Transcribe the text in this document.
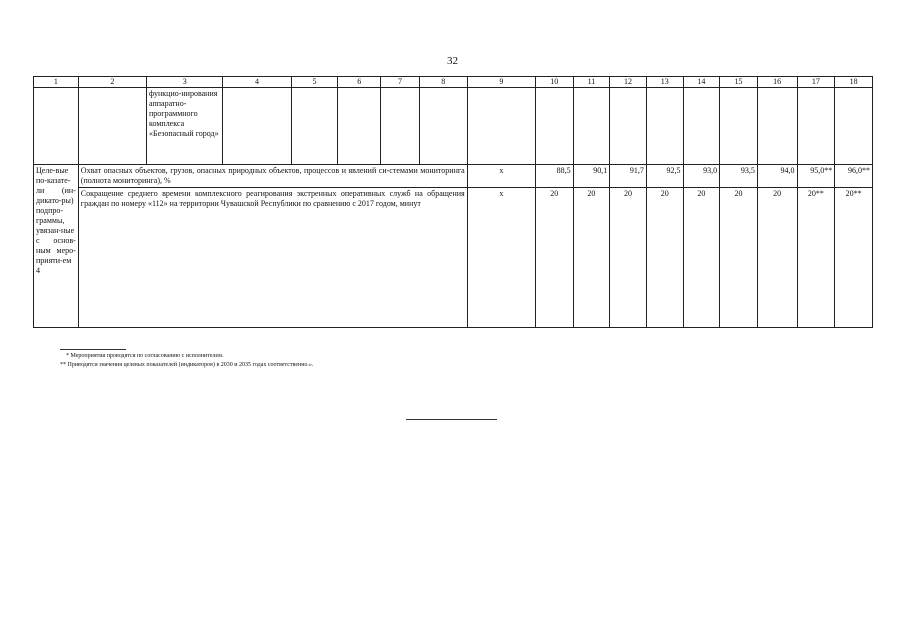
32
1	2	3	4	5	6	7	8	9	10	11	12	13	14	15	16	17	18
		функцио-нирования аппаратно-программного комплекса «Безопасный город»															
Целе-вые по-казате-ли (ин-дикато-ры) подпро-граммы, увязан-ные с основ-ным меро-прияти-ем 4	Охват опасных объектов, грузов, опасных природных объектов, процессов и явлений си-стемами мониторинга (полнота мониторинга), %							x	88,5	90,1	91,7	92,5	93,0	93,5	94,0	95,0**	96,0**
	Сокращение среднего времени комплексного реагирования экстренных оперативных служб на обращения граждан по номеру «112» на территории Чувашской Республики по сравнению с 2017 годом, минут							x	20	20	20	20	20	20	20	20**	20**
* Мероприятия проводятся по согласованию с исполнителем.
** Приводятся значения целевых показателей (индикаторов) в 2030 и 2035 годах соответственно.».
